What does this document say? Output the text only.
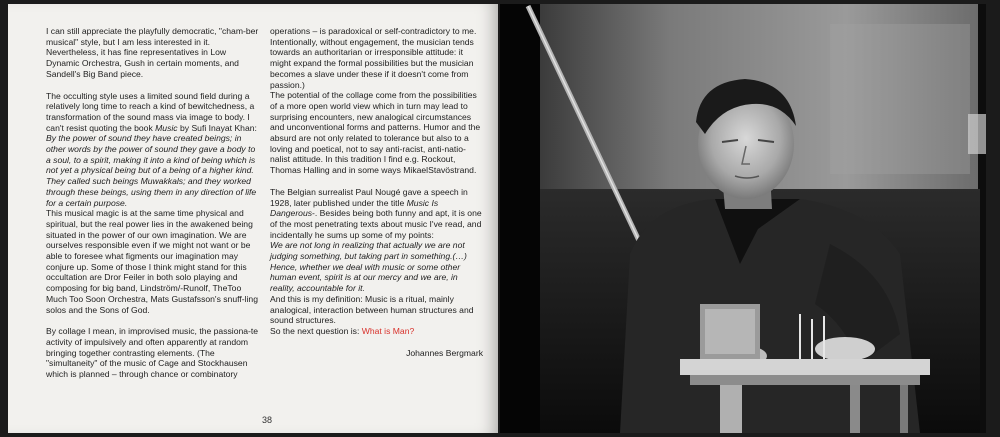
I can still appreciate the playfully democratic, "cham-ber musical" style, but I am less interested in it. Nevertheless, it has fine representatives in Low Dynamic Orchestra, Gush in certain moments, and Sandell's Big Band piece.

The occulting style uses a limited sound field during a relatively long time to reach a kind of bewitchedness, a transformation of the sound mass via image to body. I can't resist quoting the book Music by Sufi Inayat Khan:
By the power of sound they have created beings; in other words by the power of sound they gave a body to a soul, to a spirit, making it into a kind of being which is not yet a physical being but of a being of a higher kind. They called such beings Muwakkals; and they worked through these beings, using them in any direction of life for a certain purpose.
This musical magic is at the same time physical and spiritual, but the real power lies in the awakened being situated in the power of our own imagination. We are ourselves responsible even if we might not want or be able to foresee what figments our imagination may conjure up. Some of those I think might stand for this occultation are Dror Feiler in both solo playing and composing for big band, Lindström/-Runolf, TheToo Much Too Soon Orchestra, Mats Gustafsson's snuff-ling solos and the Sons of God.

By collage I mean, in improvised music, the passiona-te activity of impulsively and often apparently at random bringing together contrasting elements. (The "simultaneity" of the music of Cage and Stockhausen which is planned – through chance or combinatory

operations – is paradoxical or self-contradictory to me. Intentionally, without engagement, the musician tends towards an authoritarian or irresponsible attitude: it might expand the formal possibilities but the musician becomes a slave under these if it doesn't come from passion.)
The potential of the collage come from the possibilities of a more open world view which in turn may lead to surprising encounters, new analogical circumstances and unconventional forms and patterns. Humor and the absurd are not only related to tolerance but also to a loving and poetical, not to say anti-racist, anti-natio-nalist attitude. In this tradition I find e.g. Rockout, Thomas Halling and in some ways MikaelStavöstrand.

The Belgian surrealist Paul Nougé gave a speech in 1928, later published under the title Music Is Dangerous-. Besides being both funny and apt, it is one of the most penetrating texts about music I've read, and incidentally he sums up some of my points:
We are not long in realizing that actually we are not judging something, but taking part in something.(…) Hence, whether we deal with music or some other human event, spirit is at our mercy and we are, in reality, accountable for it.
And this is my definition: Music is a ritual, mainly analogical, interaction between human structures and sound structures.
So the next question is: What is Man?

Johannes Bergmark

38
